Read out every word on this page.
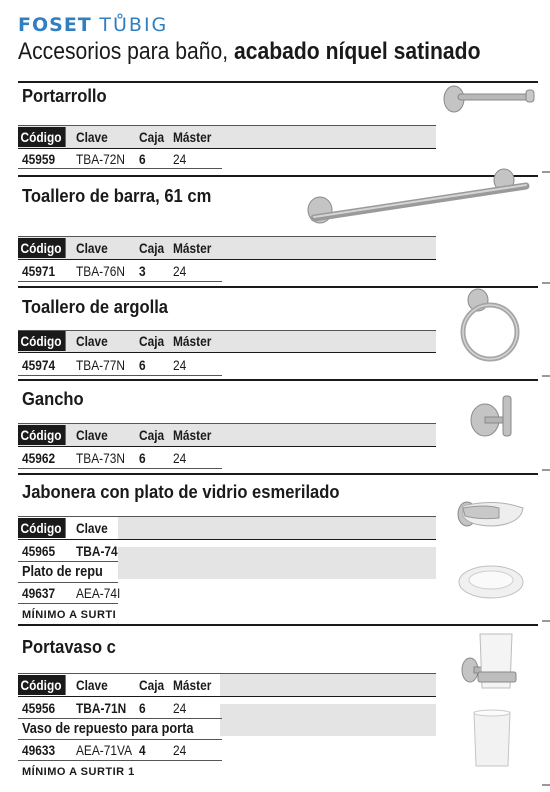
FOSET TŮBIG
Accesorios para baño, acabado níquel satinado
Portarrollo
Código Clave Caja Máster
45959 TBA-72N 6 24
Toallero de barra, 61 cm
Código Clave Caja Máster
45971 TBA-76N 3 24
Toallero de argolla
Código Clave Caja Máster
45974 TBA-77N 6 24
Gancho
Código Clave Caja Máster
45962 TBA-73N 6 24
Jabonera con plato de vidrio esmerilado
Código Clave
45965 TBA-74
Plato de repu
49637 AEA-74I
MÍNIMO A SURTI
Portavaso c
Código Clave Caja Máster
45956 TBA-71N 6 24
Vaso de repuesto para porta
49633 AEA-71VA 4 24
MÍNIMO A SURTIR 1
